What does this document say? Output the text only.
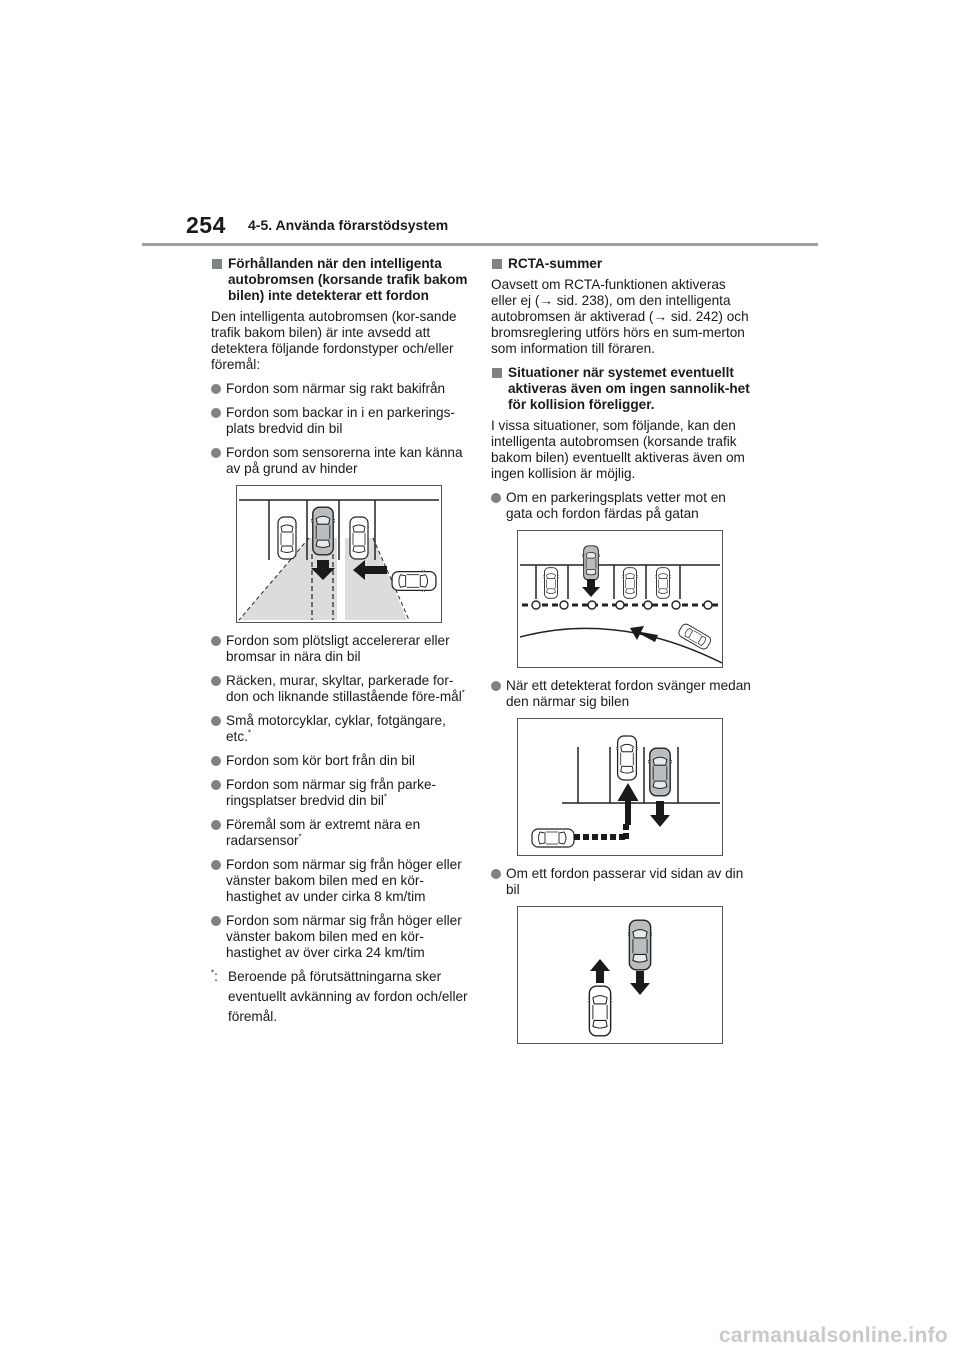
254 4-5. Använda förarstödsystem
Förhållanden när den intelligenta autobromsen (korsande trafik bakom bilen) inte detekterar ett fordon

Den intelligenta autobromsen (kor-sande trafik bakom bilen) är inte avsedd att detektera följande fordonstyper och/eller föremål:

Fordon som närmar sig rakt bakifrån
Fordon som backar in i en parkerings-plats bredvid din bil
Fordon som sensorerna inte kan känna av på grund av hinder
Fordon som plötsligt accelererar eller bromsar in nära din bil
Räcken, murar, skyltar, parkerade for-don och liknande stillastående före-mål*
Små motorcyklar, cyklar, fotgängare, etc.*
Fordon som kör bort från din bil
Fordon som närmar sig från parke-ringsplatser bredvid din bil*
Föremål som är extremt nära en radarsensor*
Fordon som närmar sig från höger eller vänster bakom bilen med en kör-hastighet av under cirka 8 km/tim
Fordon som närmar sig från höger eller vänster bakom bilen med en kör-hastighet av över cirka 24 km/tim
*: Beroende på förutsättningarna sker eventuellt avkänning av fordon och/eller föremål.
RCTA-summer

Oavsett om RCTA-funktionen aktiveras eller ej (→ sid. 238), om den intelligenta autobromsen är aktiverad (→ sid. 242) och bromsreglering utförs hörs en sum-merton som information till föraren.

Situationer när systemet eventuellt aktiveras även om ingen sannolik-het för kollision föreligger.

I vissa situationer, som följande, kan den intelligenta autobromsen (korsande trafik bakom bilen) eventuellt aktiveras även om ingen kollision är möjlig.

Om en parkeringsplats vetter mot en gata och fordon färdas på gatan
När ett detekterat fordon svänger medan den närmar sig bilen
Om ett fordon passerar vid sidan av din bil
carmanualsonline.info
